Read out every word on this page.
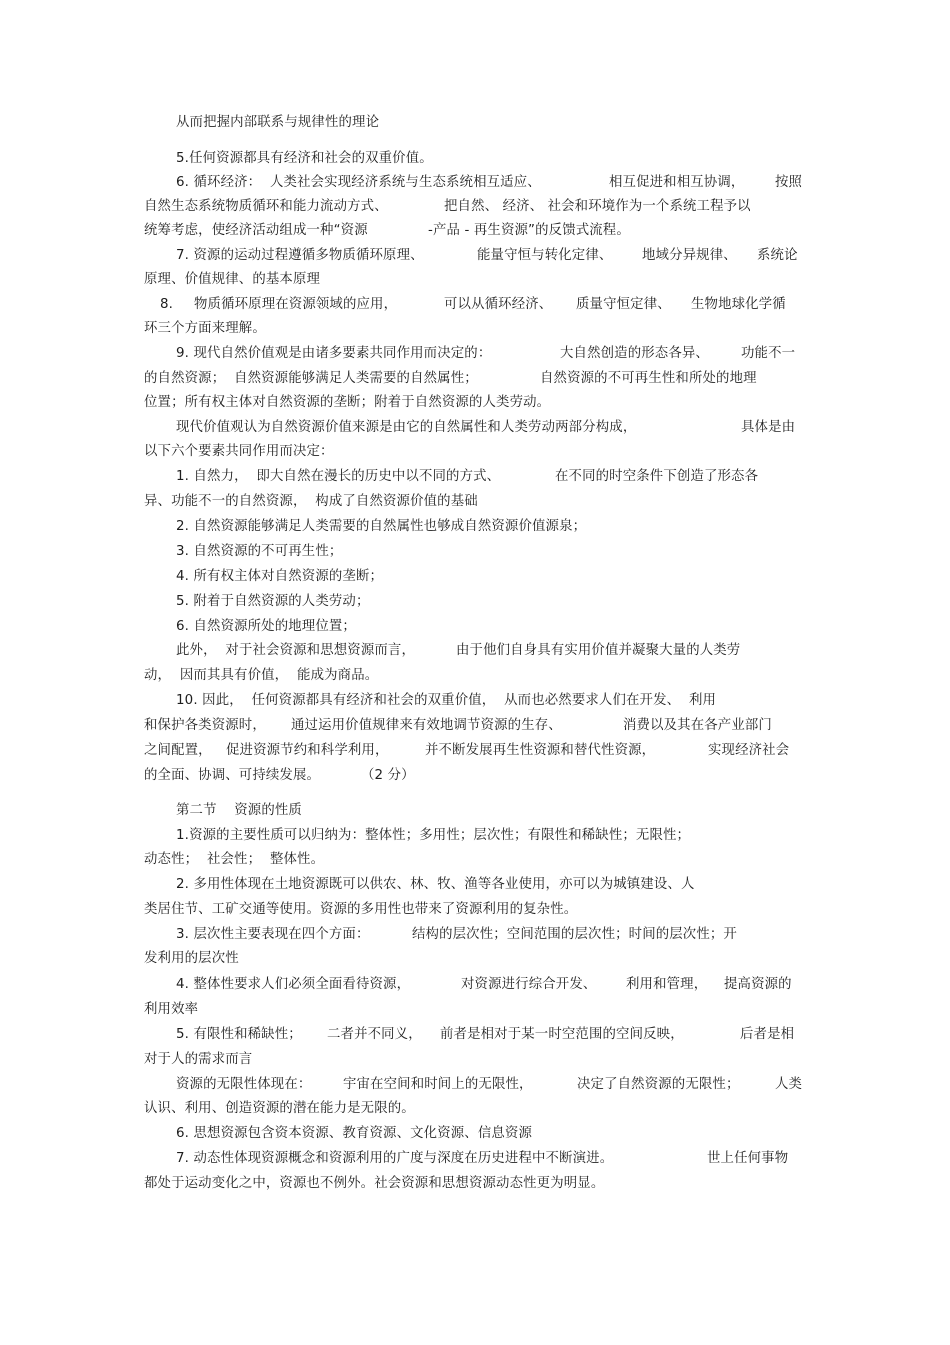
从而把握内部联系与规律性的理论
5.任何资源都具有经济和社会的双重价值。
6. 循环经济：  人类社会实现经济系统与生态系统相互适应、	相互促进和相互协调， 按照
自然生态系统物质循环和能力流动方式、	把自然、 经济、 社会和环境作为一个系统工程予以
统筹考虑，使经济活动组成一种“资源	-产品 - 再生资源”的反馈式流程。
7. 资源的运动过程遵循多物质循环原理、	能量守恒与转化定律、 地域分异规律、 系统论
原理、价值规律、的基本原理
8. 物质循环原理在资源领域的应用，	可以从循环经济、 质量守恒定律、 生物地球化学循
环三个方面来理解。
9. 现代自然价值观是由诸多要素共同作用而决定的：	大自然创造的形态各异、 功能不一
的自然资源；  自然资源能够满足人类需要的自然属性；	自然资源的不可再生性和所处的地理
位置；所有权主体对自然资源的垄断；附着于自然资源的人类劳动。
现代价值观认为自然资源价值来源是由它的自然属性和人类劳动两部分构成，	具体是由
以下六个要素共同作用而决定：
1. 自然力，  即大自然在漫长的历史中以不同的方式、	在不同的时空条件下创造了形态各
异、功能不一的自然资源，  构成了自然资源价值的基础
2. 自然资源能够满足人类需要的自然属性也够成自然资源价值源泉；
3. 自然资源的不可再生性；
4. 所有权主体对自然资源的垄断；
5. 附着于自然资源的人类劳动；
6. 自然资源所处的地理位置；
此外，  对于社会资源和思想资源而言，	由于他们自身具有实用价值并凝聚大量的人类劳
动，  因而其具有价值，  能成为商品。
10. 因此，  任何资源都具有经济和社会的双重价值，  从而也必然要求人们在开发、  利用
和保护各类资源时， 通过运用价值规律来有效地调节资源的生存、	消费以及其在各产业部门
之间配置， 促进资源节约和科学利用，	并不断发展再生性资源和替代性资源，	实现经济社会
的全面、协调、可持续发展。	（2 分）
第二节    资源的性质
1.资源的主要性质可以归纳为：整体性；多用性；层次性；有限性和稀缺性；无限性；
动态性；  社会性；  整体性。
2. 多用性体现在土地资源既可以供农、林、牧、渔等各业使用，亦可以为城镇建设、人
类居住节、工矿交通等使用。资源的多用性也带来了资源利用的复杂性。
3. 层次性主要表现在四个方面：	结构的层次性；空间范围的层次性；时间的层次性；开
发利用的层次性
4. 整体性要求人们必须全面看待资源，	对资源进行综合开发、 利用和管理， 提高资源的
利用效率
5. 有限性和稀缺性； 二者并不同义， 前者是相对于某一时空范围的空间反映，	后者是相
对于人的需求而言
资源的无限性体现在： 宇宙在空间和时间上的无限性，	决定了自然资源的无限性；	人类
认识、利用、创造资源的潜在能力是无限的。
6. 思想资源包含资本资源、教育资源、文化资源、信息资源
7. 动态性体现资源概念和资源利用的广度与深度在历史进程中不断演进。	世上任何事物
都处于运动变化之中，资源也不例外。社会资源和思想资源动态性更为明显。
